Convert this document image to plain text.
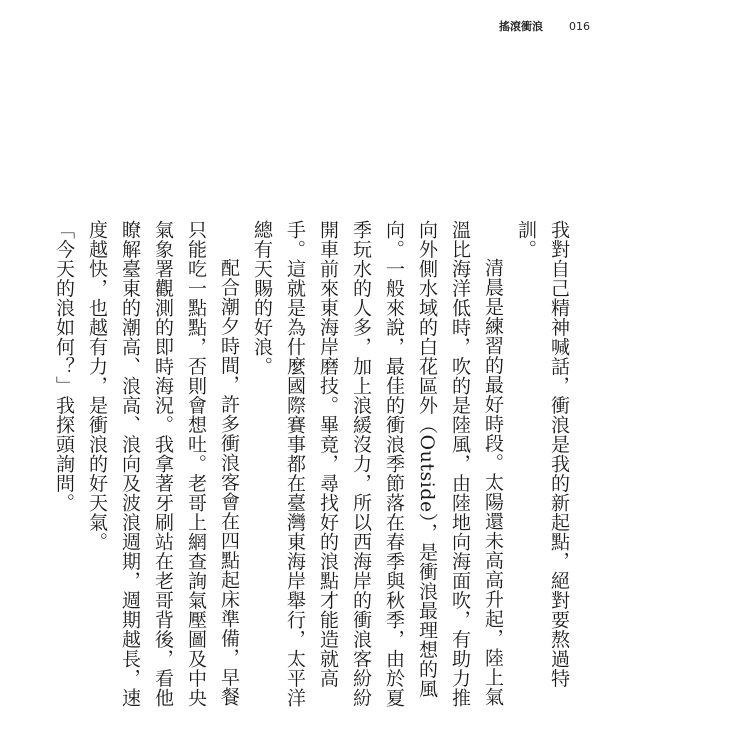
搖滾衝浪 016

我對自己精神喊話，衝浪是我的新起點，絕對要熬過特訓。

清晨是練習的最好時段。太陽還未高高升起，陸上氣溫比海洋低時，吹的是陸風，由陸地向海面吹，有助力推向外側水域的白花區外（Outside），是衝浪最理想的風向。一般來說，最佳的衝浪季節落在春季與秋季，由於夏季玩水的人多，加上浪緩沒力，所以西海岸的衝浪客紛紛開車前來東海岸磨技。畢竟，尋找好的浪點才能造就高手。這就是為什麼國際賽事都在臺灣東海岸舉行，太平洋總有天賜的好浪。

配合潮夕時間，許多衝浪客會在四點起床準備，早餐只能吃一點點，否則會想吐。老哥上網查詢氣壓圖及中央氣象署觀測的即時海況。我拿著牙刷站在老哥背後，看他瞭解臺東的潮高、浪高、浪向及波浪週期，週期越長，速度越快，也越有力，是衝浪的好天氣。

「今天的浪如何？」我探頭詢問。
